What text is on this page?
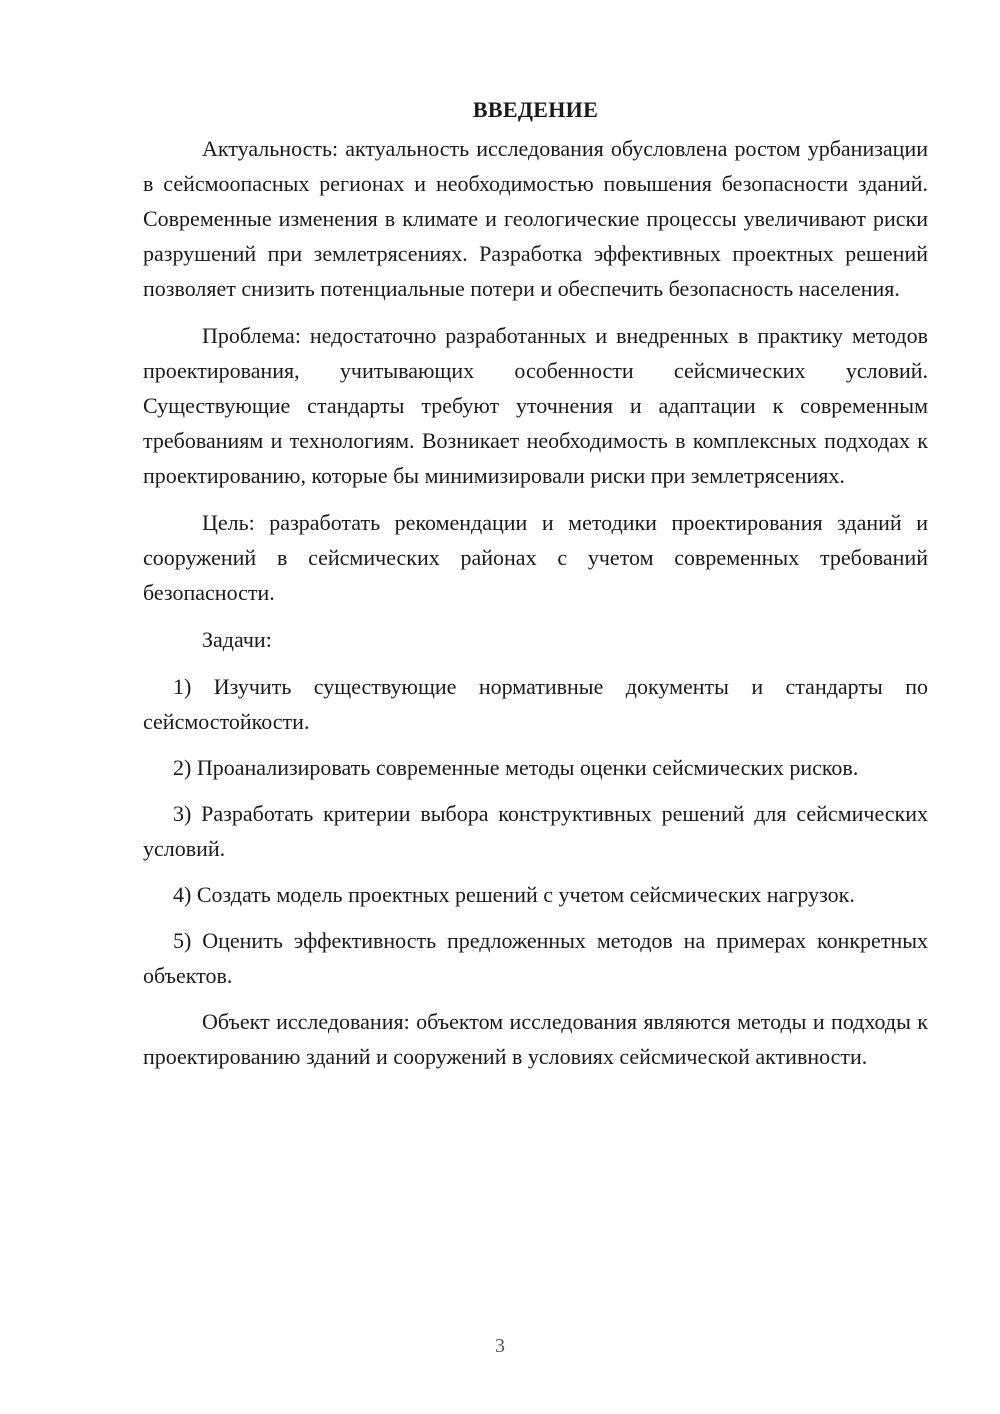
ВВЕДЕНИЕ

Актуальность: актуальность исследования обусловлена ростом урбанизации в сейсмоопасных регионах и необходимостью повышения безопасности зданий. Современные изменения в климате и геологические процессы увеличивают риски разрушений при землетрясениях. Разработка эффективных проектных решений позволяет снизить потенциальные потери и обеспечить безопасность населения.

Проблема: недостаточно разработанных и внедренных в практику методов проектирования, учитывающих особенности сейсмических условий. Существующие стандарты требуют уточнения и адаптации к современным требованиям и технологиям. Возникает необходимость в комплексных подходах к проектированию, которые бы минимизировали риски при землетрясениях.

Цель: разработать рекомендации и методики проектирования зданий и сооружений в сейсмических районах с учетом современных требований безопасности.

Задачи:

1) Изучить существующие нормативные документы и стандарты по сейсмостойкости.

2) Проанализировать современные методы оценки сейсмических рисков.

3) Разработать критерии выбора конструктивных решений для сейсмических условий.

4) Создать модель проектных решений с учетом сейсмических нагрузок.

5) Оценить эффективность предложенных методов на примерах конкретных объектов.

Объект исследования: объектом исследования являются методы и подходы к проектированию зданий и сооружений в условиях сейсмической активности.

3
